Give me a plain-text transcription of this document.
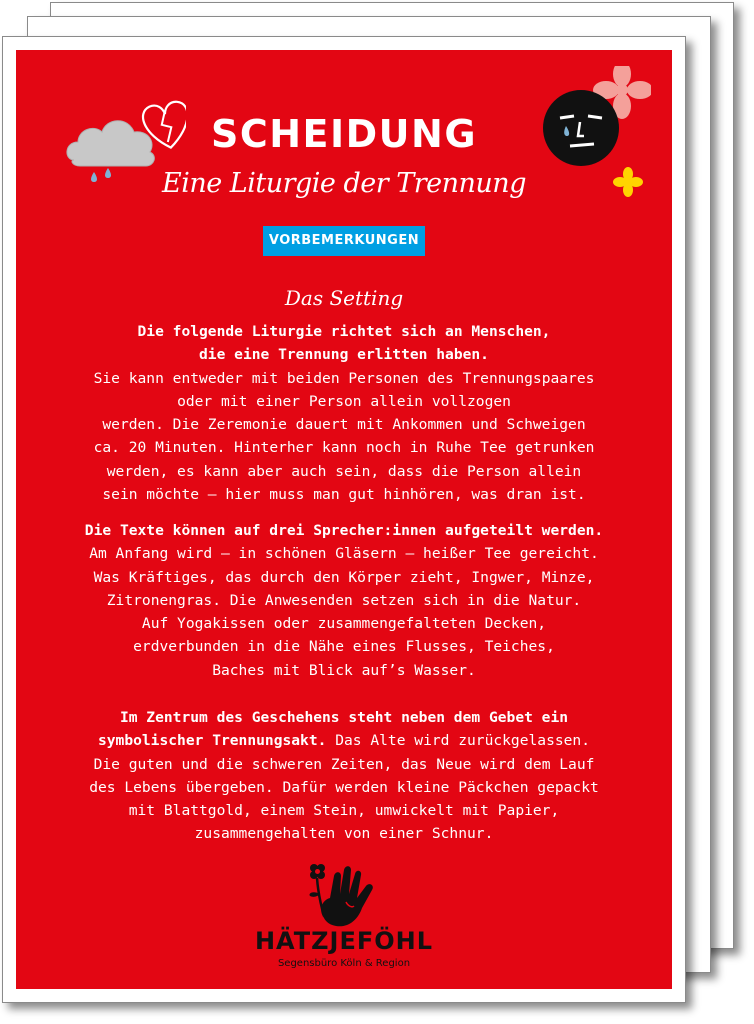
SCHEIDUNG
Eine Liturgie der Trennung
VORBEMERKUNGEN
Das Setting
Die folgende Liturgie richtet sich an Menschen,
die eine Trennung erlitten haben.
Sie kann entweder mit beiden Personen des Trennungspaares
oder mit einer Person allein vollzogen
werden. Die Zeremonie dauert mit Ankommen und Schweigen
ca. 20 Minuten. Hinterher kann noch in Ruhe Tee getrunken
werden, es kann aber auch sein, dass die Person allein
sein möchte – hier muss man gut hinhören, was dran ist.
Die Texte können auf drei Sprecher:innen aufgeteilt werden.
Am Anfang wird – in schönen Gläsern – heißer Tee gereicht.
Was Kräftiges, das durch den Körper zieht, Ingwer, Minze,
Zitronengras. Die Anwesenden setzen sich in die Natur.
Auf Yogakissen oder zusammengefalteten Decken,
erdverbunden in die Nähe eines Flusses, Teiches,
Baches mit Blick auf’s Wasser.
Im Zentrum des Geschehens steht neben dem Gebet ein
symbolischer Trennungsakt. Das Alte wird zurückgelassen.
Die guten und die schweren Zeiten, das Neue wird dem Lauf
des Lebens übergeben. Dafür werden kleine Päckchen gepackt
mit Blattgold, einem Stein, umwickelt mit Papier,
zusammengehalten von einer Schnur.
HÄTZJEFÖHL
Segensbüro Köln & Region
